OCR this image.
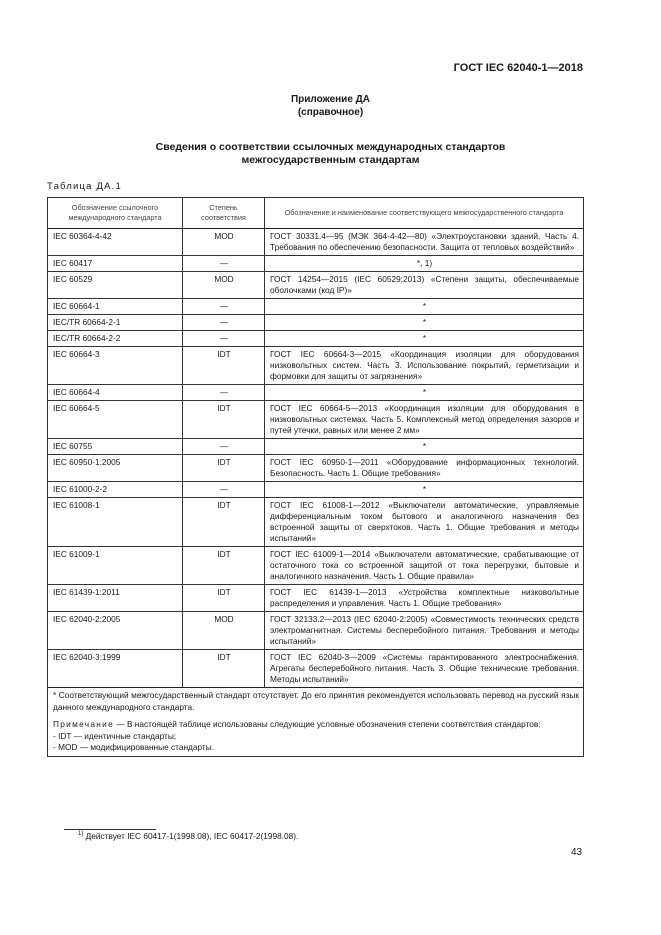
ГОСТ IEC 62040-1—2018
Приложение ДА
(справочное)
Сведения о соответствии ссылочных международных стандартов
межгосударственным стандартам
Таблица ДА.1
Обозначение ссылочного международного стандарта	Степень соответствия	Обозначение и наименование соответствующего межгосударственного стандарта
IEC 60364-4-42	MOD	ГОСТ 30331.4—95 (МЭК 364-4-42—80) «Электроустановки зданий. Часть 4. Требования по обеспечению безопасности. Защита от тепловых воздействий»
IEC 60417	—	*, 1)
IEC 60529	MOD	ГОСТ 14254—2015 (IEC 60529:2013) «Степени защиты, обеспечиваемые оболочками (код IP)»
IEC 60664-1	—	*
IEC/TR 60664-2-1	—	*
IEC/TR 60664-2-2	—	*
IEC 60664-3	IDT	ГОСТ IEC 60664-3—2015 «Координация изоляции для оборудования низковольтных систем. Часть 3. Использование покрытий, герметизации и формовки для защиты от загрязнения»
IEC 60664-4	—	*
IEC 60664-5	IDT	ГОСТ IEC 60664-5—2013 «Координация изоляции для оборудования в низковольтных системах. Часть 5. Комплексный метод определения зазоров и путей утечки, равных или менее 2 мм»
IEC 60755	—	*
IEC 60950-1:2005	IDT	ГОСТ IEC 60950-1—2011 «Оборудование информационных технологий. Безопасность. Часть 1. Общие требования»
IEC 61000-2-2	—	*
IEC 61008-1	IDT	ГОСТ IEC 61008-1—2012 «Выключатели автоматические, управляемые дифференциальным током бытового и аналогичного назначения без встроенной защиты от сверхтоков. Часть 1. Общие требования и методы испытаний»
IEC 61009-1	IDT	ГОСТ IEC 61009-1—2014 «Выключатели автоматические, срабатывающие от остаточного тока со встроенной защитой от тока перегрузки, бытовые и аналогичного назначения. Часть 1. Общие правила»
IEC 61439-1:2011	IDT	ГОСТ IEC 61439-1—2013 «Устройства комплектные низковольтные распределения и управления. Часть 1. Общие требования»
IEC 62040-2:2005	MOD	ГОСТ 32133.2—2013 (IEC 62040-2:2005) «Совместимость технических средств электромагнитная. Системы бесперебойного питания. Требования и методы испытаний»
IEC 62040-3:1999	IDT	ГОСТ IEC 62040-3—2009 «Системы гарантированного электроснабжения. Агрегаты бесперебойного питания. Часть 3. Общие технические требования. Методы испытаний»

* Соответствующий межгосударственный стандарт отсутствует. До его принятия рекомендуется использовать перевод на русский язык данного международного стандарта.

Примечание — В настоящей таблице использованы следующие условные обозначения степени соответствия стандартов:
- IDT — идентичные стандарты;
- MOD — модифицированные стандарты.		

$^{1)}$ Действует IEC 60417-1(1998.08), IEC 60417-2(1998.08).
43
